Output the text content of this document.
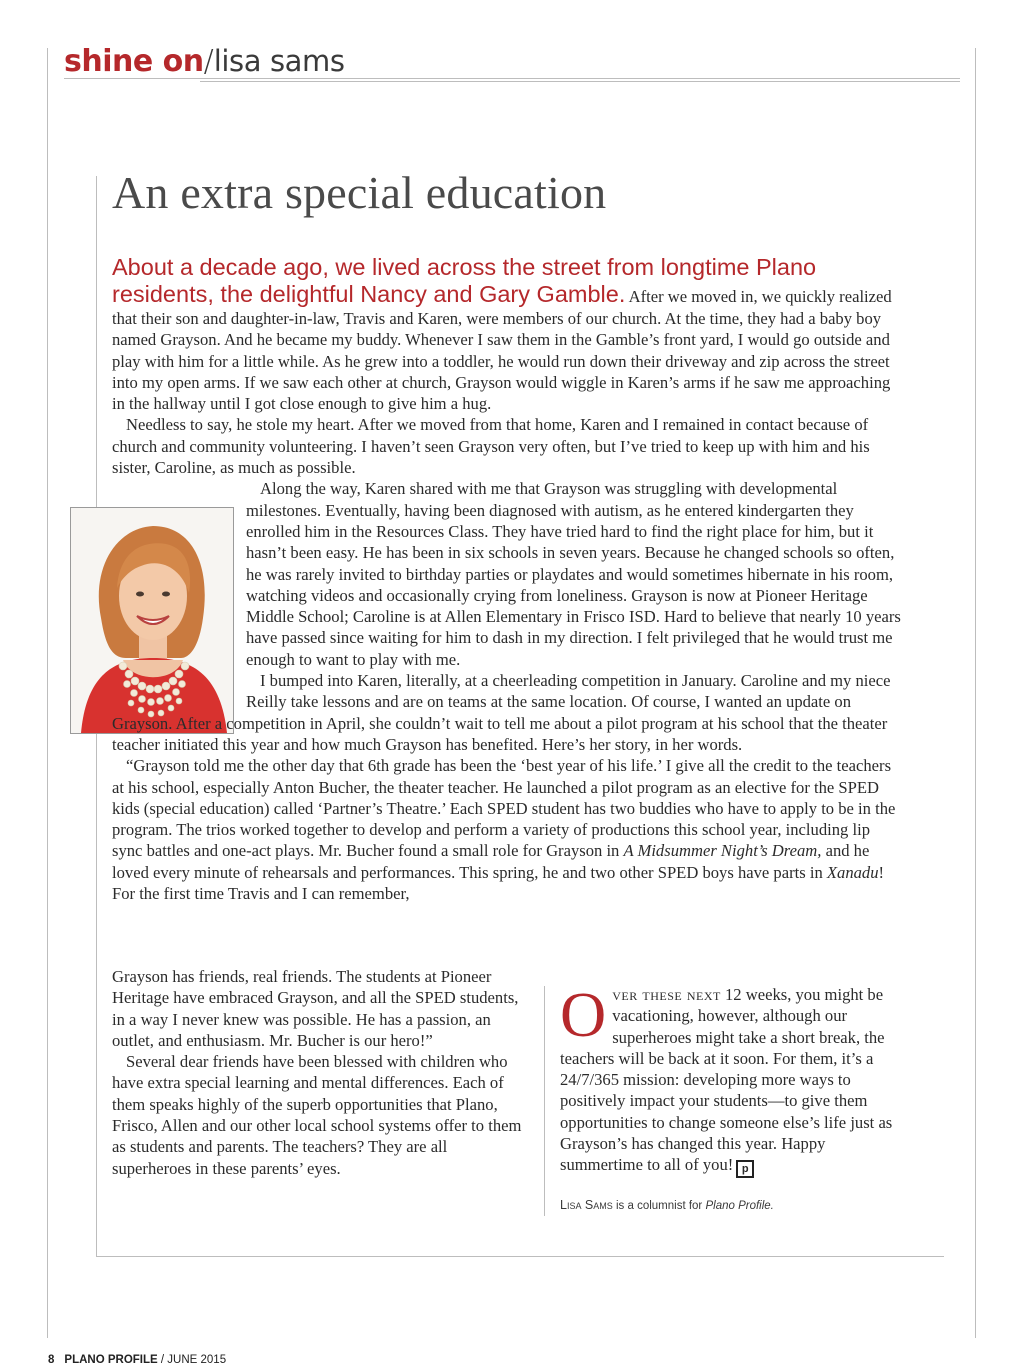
shine on/lisa sams
An extra special education

About a decade ago, we lived across the street from longtime Plano residents, the delightful Nancy and Gary Gamble. After we moved in, we quickly realized that their son and daughter-in-law, Travis and Karen, were members of our church. At the time, they had a baby boy named Grayson. And he became my buddy. Whenever I saw them in the Gamble’s front yard, I would go outside and play with him for a little while. As he grew into a toddler, he would run down their driveway and zip across the street into my open arms. If we saw each other at church, Grayson would wiggle in Karen’s arms if he saw me approaching in the hallway until I got close enough to give him a hug.

Needless to say, he stole my heart. After we moved from that home, Karen and I remained in contact because of church and community volunteering. I haven’t seen Grayson very often, but I’ve tried to keep up with him and his sister, Caroline, as much as possible.

Along the way, Karen shared with me that Grayson was struggling with developmental milestones. Eventually, having been diagnosed with autism, as he entered kindergarten they enrolled him in the Resources Class. They have tried hard to find the right place for him, but it hasn’t been easy. He has been in six schools in seven years. Because he changed schools so often, he was rarely invited to birthday parties or playdates and would sometimes hibernate in his room, watching videos and occasionally crying from loneliness. Grayson is now at Pioneer Heritage Middle School; Caroline is at Allen Elementary in Frisco ISD. Hard to believe that nearly 10 years have passed since waiting for him to dash in my direction. I felt privileged that he would trust me enough to want to play with me.

I bumped into Karen, literally, at a cheerleading competition in January. Caroline and my niece Reilly take lessons and are on teams at the same location. Of course, I wanted an update on Grayson. After a competition in April, she couldn’t wait to tell me about a pilot program at his school that the theater teacher initiated this year and how much Grayson has benefited. Here’s her story, in her words.

“Grayson told me the other day that 6th grade has been the ‘best year of his life.’ I give all the credit to the teachers at his school, especially Anton Bucher, the theater teacher. He launched a pilot program as an elective for the SPED kids (special education) called ‘Partner’s Theatre.’ Each SPED student has two buddies who have to apply to be in the program. The trios worked together to develop and perform a variety of productions this school year, including lip sync battles and one-act plays. Mr. Bucher found a small role for Grayson in A Midsummer Night’s Dream, and he loved every minute of rehearsals and performances. This spring, he and two other SPED boys have parts in Xanadu! For the first time Travis and I can remember,

Grayson has friends, real friends. The students at Pioneer Heritage have embraced Grayson, and all the SPED students, in a way I never knew was possible. He has a passion, an outlet, and enthusiasm. Mr. Bucher is our hero!”

Several dear friends have been blessed with children who have extra special learning and mental differences. Each of them speaks highly of the superb opportunities that Plano, Frisco, Allen and our other local school systems offer to them as students and parents. The teachers? They are all superheroes in these parents’ eyes.

Over these next 12 weeks, you might be vacationing, however, although our superheroes might take a short break, the teachers will be back at it soon. For them, it’s a 24/7/365 mission: developing more ways to positively impact your students—to give them opportunities to change someone else’s life just as Grayson’s has changed this year. Happy summertime to all of you! p
Lisa Sams is a columnist for Plano Profile.
8 PLANO PROFILE / JUNE 2015
